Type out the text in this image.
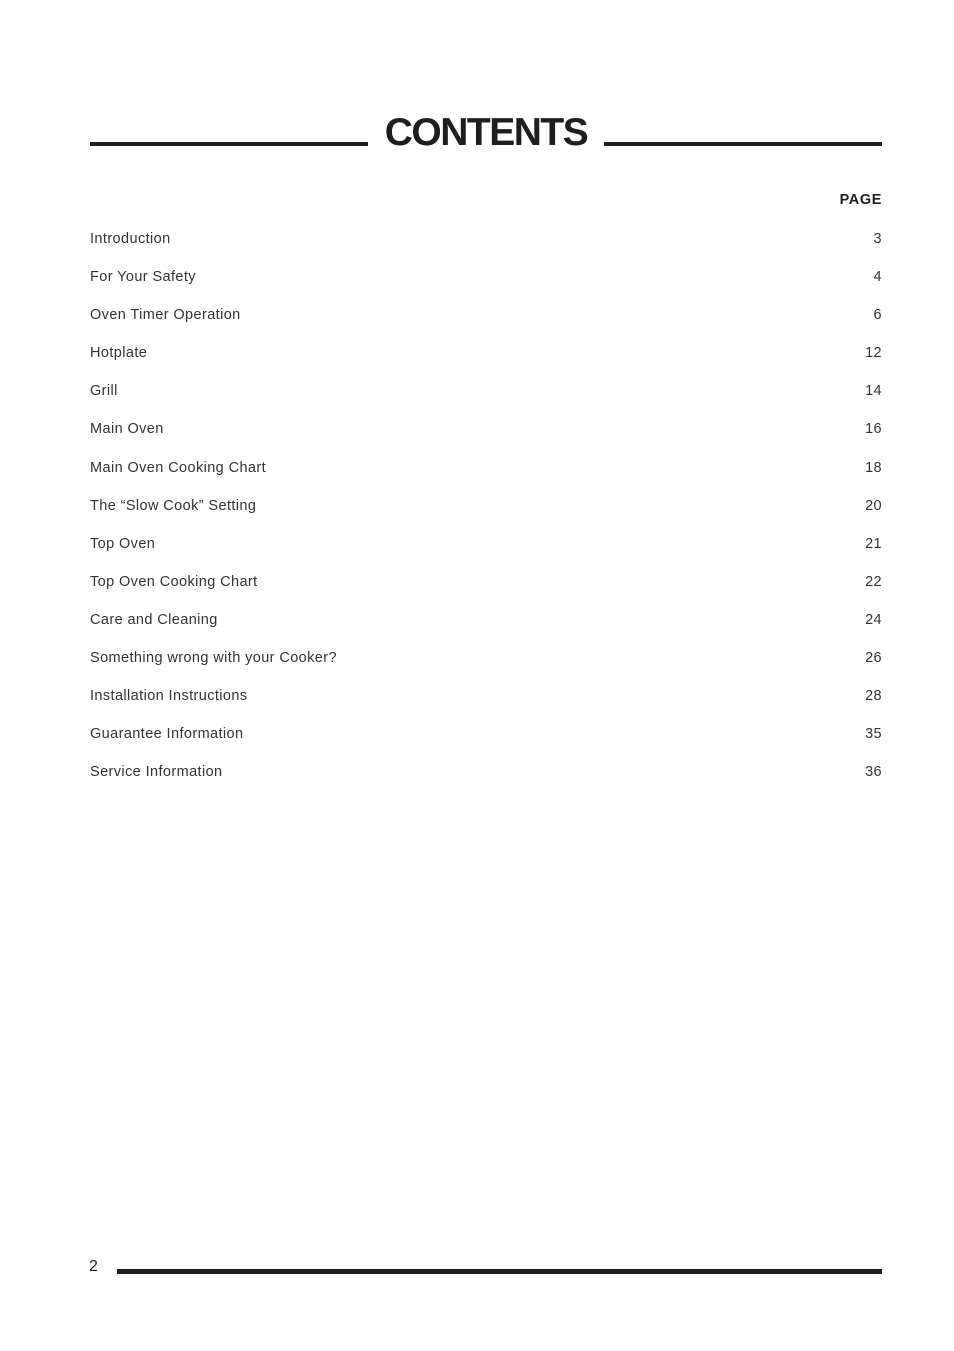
CONTENTS
PAGE
Introduction	3
For Your Safety	4
Oven Timer Operation	6
Hotplate	12
Grill	14
Main Oven	16
Main Oven Cooking Chart	18
The “Slow Cook” Setting	20
Top Oven	21
Top Oven Cooking Chart	22
Care and Cleaning	24
Something wrong with your Cooker?	26
Installation Instructions	28
Guarantee Information	35
Service Information	36
2
